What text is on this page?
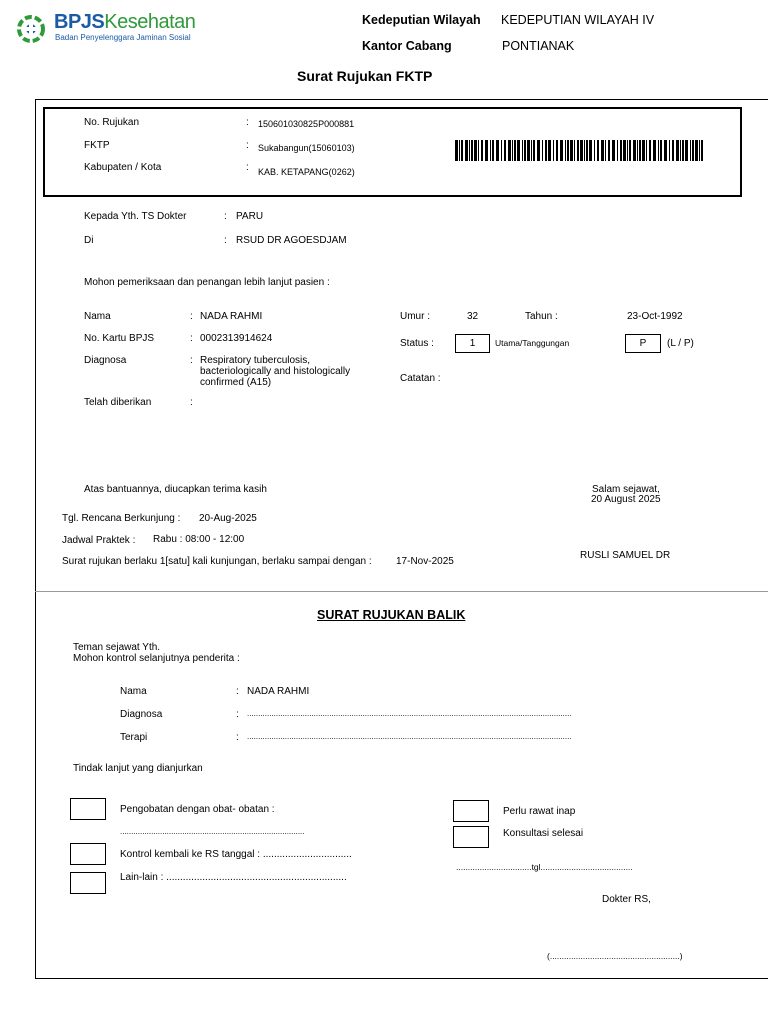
BPJSKesehatan
Badan Penyelenggara Jaminan Sosial
Kedeputian Wilayah KEDEPUTIAN WILAYAH IV
Kantor Cabang	PONTIANAK
Surat Rujukan FKTP
No. Rujukan	: 150601030825P000881
FKTP	: Sukabangun(15060103)
Kabupaten / Kota	: KAB. KETAPANG(0262)
Kepada Yth. TS Dokter	: PARU
Di	: RSUD DR AGOESDJAM
Mohon pemeriksaan dan penangan lebih lanjut pasien :
Nama	: NADA RAHMI
No. Kartu BPJS	: 0002313914624
Diagnosa	: Respiratory tuberculosis, bacteriologically and histologically confirmed (A15)
Telah diberikan	:
Umur :	32	Tahun :	23-Oct-1992
Status :	1	Utama/Tanggungan	P	(L / P)
Catatan :
Atas bantuannya, diucapkan terima kasih	Salam sejawat,
20 August 2025
Tgl. Rencana Berkunjung : 20-Aug-2025
Jadwal Praktek : Rabu : 08:00 - 12:00
Surat rujukan berlaku 1[satu] kali kunjungan, berlaku sampai dengan : 17-Nov-2025
RUSLI SAMUEL DR
SURAT RUJUKAN BALIK
Teman sejawat Yth.
Mohon kontrol selanjutnya penderita :
Nama	: NADA RAHMI
Diagnosa	: ..................................................................................................................................................
Terapi	: ..................................................................................................................................................
Tindak lanjut yang dianjurkan
Pengobatan dengan obat- obatan :
...................................................................................
Kontrol kembali ke RS tanggal : ................................
Lain-lain : .................................................................
Perlu rawat inap
Konsultasi selesai
................................tgl.......................................
Dokter RS,
(.......................................................)
